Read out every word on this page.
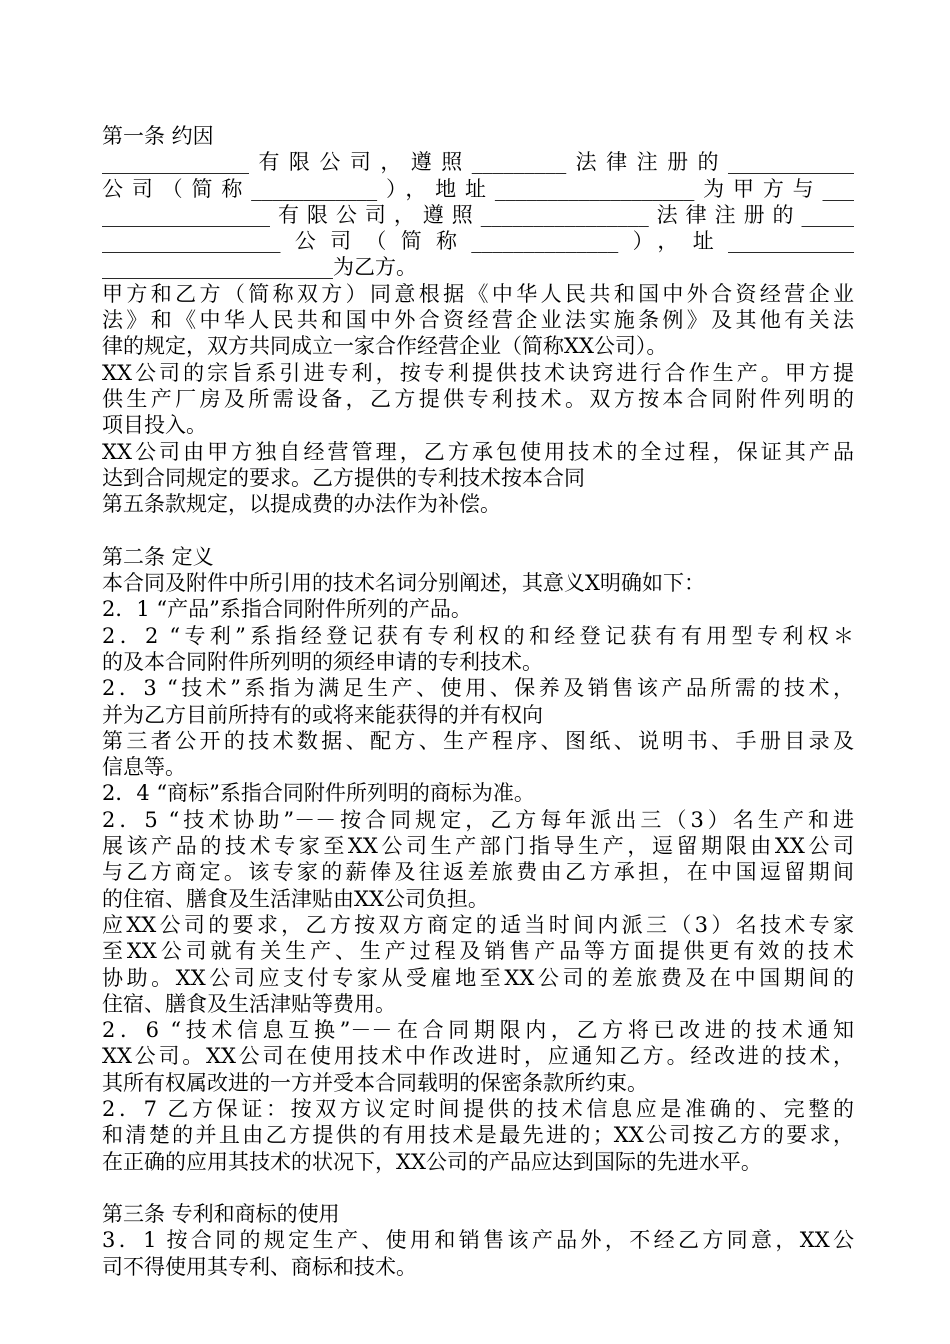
第一条 约因
______________有限公司，遵照_________法律注册的____________
公司（简称____________），地址___________________为甲方与___
________________有限公司，遵照________________法律注册的_____
_________________公司（简称______________），址____________
______________________为乙方。
甲方和乙方（简称双方）同意根据《中华人民共和国中外合资经营企业
法》和《中华人民共和国中外合资经营企业法实施条例》及其他有关法
律的规定，双方共同成立一家合作经营企业（简称XX公司）。
XX公司的宗旨系引进专利，按专利提供技术诀窍进行合作生产。甲方提
供生产厂房及所需设备，乙方提供专利技术。双方按本合同附件列明的
项目投入。
XX公司由甲方独自经营管理，乙方承包使用技术的全过程，保证其产品
达到合同规定的要求。乙方提供的专利技术按本合同
第五条款规定，以提成费的办法作为补偿。
第二条 定义
本合同及附件中所引用的技术名词分别阐述，其意义X明确如下：
2．1 “产品”系指合同附件所列的产品。
2．2 “专利”系指经登记获有专利权的和经登记获有有用型专利权＊
的及本合同附件所列明的须经申请的专利技术。
2．3 “技术”系指为满足生产、使用、保养及销售该产品所需的技术，
并为乙方目前所持有的或将来能获得的并有权向
第三者公开的技术数据、配方、生产程序、图纸、说明书、手册目录及
信息等。
2．4 “商标”系指合同附件所列明的商标为准。
2．5 “技术协助”－－按合同规定，乙方每年派出三（3）名生产和进
展该产品的技术专家至XX公司生产部门指导生产，逗留期限由XX公司
与乙方商定。该专家的薪俸及往返差旅费由乙方承担，在中国逗留期间
的住宿、膳食及生活津贴由XX公司负担。
应XX公司的要求，乙方按双方商定的适当时间内派三（3）名技术专家
至XX公司就有关生产、生产过程及销售产品等方面提供更有效的技术
协助。XX公司应支付专家从受雇地至XX公司的差旅费及在中国期间的
住宿、膳食及生活津贴等费用。
2．6 “技术信息互换”－－在合同期限内，乙方将已改进的技术通知
XX公司。XX公司在使用技术中作改进时，应通知乙方。经改进的技术，
其所有权属改进的一方并受本合同载明的保密条款所约束。
2．7 乙方保证：按双方议定时间提供的技术信息应是准确的、完整的
和清楚的并且由乙方提供的有用技术是最先进的；XX公司按乙方的要求，
在正确的应用其技术的状况下，XX公司的产品应达到国际的先进水平。
第三条 专利和商标的使用
3．1 按合同的规定生产、使用和销售该产品外，不经乙方同意，XX公
司不得使用其专利、商标和技术。
